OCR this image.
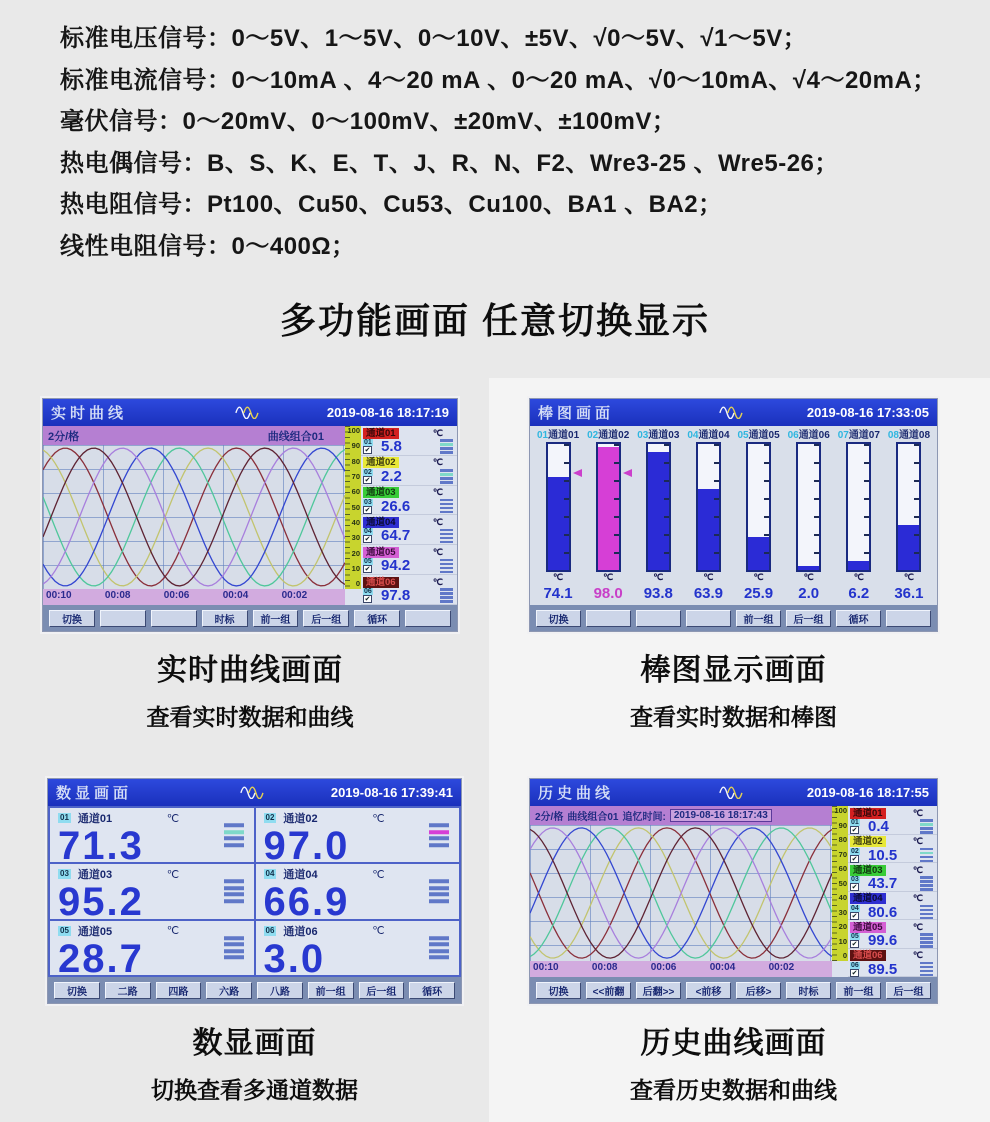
标准电压信号：0～5V、1～5V、0～10V、±5V、√0～5V、√1～5V；
标准电流信号：0～10mA 、4～20 mA 、0～20 mA、√0～10mA、√4～20mA；
毫伏信号：0～20mV、0～100mV、±20mV、±100mV；
热电偶信号：B、S、K、E、T、J、R、N、F2、Wre3-25 、Wre5-26；
热电阻信号：Pt100、Cu50、Cu53、Cu100、BA1 、BA2；
线性电阻信号：0～400Ω；
多功能画面 任意切换显示
实时曲线	2019-08-16 18:17:19
2分/格	曲线组合01
00:10	00:08	00:06	00:04	00:02
100
90
80
70
60
50
40
30
20
10
0
通道01	℃
01
✔ 5.8
通道02	℃
02
✔ 2.2
通道03	℃
03
✔ 26.6
通道04	℃
04
✔ 64.7
通道05	℃
05
✔ 94.2
通道06	℃
06
✔ 97.8
切换	时标	前一组	后一组	循环
棒图画面	2019-08-16 17:33:05
01通道01 02通道02 03通道03 04通道04 05通道05 06通道06 07通道07 08通道08
℃	℃	℃	℃	℃	℃	℃	℃
74.1	98.0	93.8	63.9	25.9	2.0	6.2	36.1
切换	前一组	后一组	循环
数显画面	2019-08-16 17:39:41
01 通道01	℃
71.3
02 通道02	℃
97.0
03 通道03	℃
95.2
04 通道04	℃
66.9
05 通道05	℃
28.7
06 通道06	℃
3.0
切换	二路	四路	六路	八路	前一组	后一组	循环
历史曲线	2019-08-16 18:17:55
2分/格 曲线组合01 追忆时间: 2019-08-16 18:17:43
00:10	00:08	00:06	00:04	00:02
100
90
80
70
60
50
40
30
20
10
0
通道01	℃
01
✔ 0.4
通道02	℃
02
✔ 10.5
通道03	℃
03
✔ 43.7
通道04	℃
04
✔ 80.6
通道05	℃
05
✔ 99.6
通道06	℃
06
✔ 89.5
切换	<<前翻	后翻>>	<前移	后移>	时标	前一组	后一组
实时曲线画面
查看实时数据和曲线
棒图显示画面
查看实时数据和棒图
数显画面
切换查看多通道数据
历史曲线画面
查看历史数据和曲线
